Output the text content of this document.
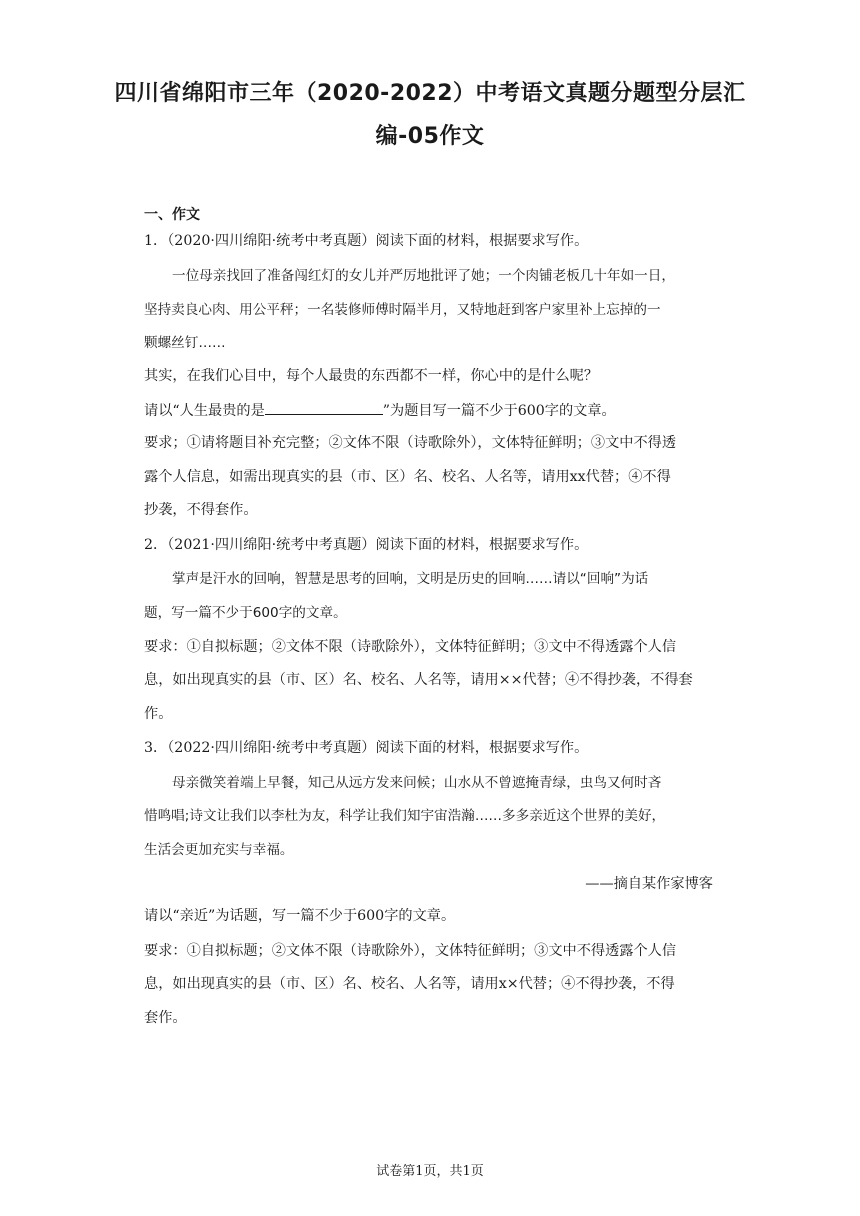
四川省绵阳市三年（2020-2022）中考语文真题分题型分层汇
编-05作文
一、作文
1．（2020·四川绵阳·统考中考真题）阅读下面的材料，根据要求写作。
一位母亲找回了准备闯红灯的女儿并严厉地批评了她；一个肉铺老板几十年如一日，
坚持卖良心肉、用公平秤；一名装修师傅时隔半月，又特地赶到客户家里补上忘掉的一
颗螺丝钉……
其实，在我们心目中，每个人最贵的东西都不一样，你心中的是什么呢？
请以“人生最贵的是	”为题目写一篇不少于600字的文章。
要求；①请将题目补充完整；②文体不限（诗歌除外），文体特征鲜明；③文中不得透
露个人信息，如需出现真实的县（市、区）名、校名、人名等，请用xx代替；④不得
抄袭，不得套作。
2．（2021·四川绵阳·统考中考真题）阅读下面的材料，根据要求写作。
掌声是汗水的回响，智慧是思考的回响，文明是历史的回响……请以“回响”为话
题，写一篇不少于600字的文章。
要求：①自拟标题；②文体不限（诗歌除外），文体特征鲜明；③文中不得透露个人信
息，如出现真实的县（市、区）名、校名、人名等，请用××代替；④不得抄袭，不得套
作。
3．（2022·四川绵阳·统考中考真题）阅读下面的材料，根据要求写作。
母亲微笑着端上早餐，知己从远方发来问候；山水从不曾遮掩青绿，虫鸟又何时吝
惜鸣唱;诗文让我们以李杜为友，科学让我们知宇宙浩瀚……多多亲近这个世界的美好，
生活会更加充实与幸福。
——摘自某作家博客
请以“亲近”为话题，写一篇不少于600字的文章。
要求：①自拟标题；②文体不限（诗歌除外），文体特征鲜明；③文中不得透露个人信
息，如出现真实的县（市、区）名、校名、人名等，请用x×代替；④不得抄袭，不得
套作。
试卷第1页，共1页
